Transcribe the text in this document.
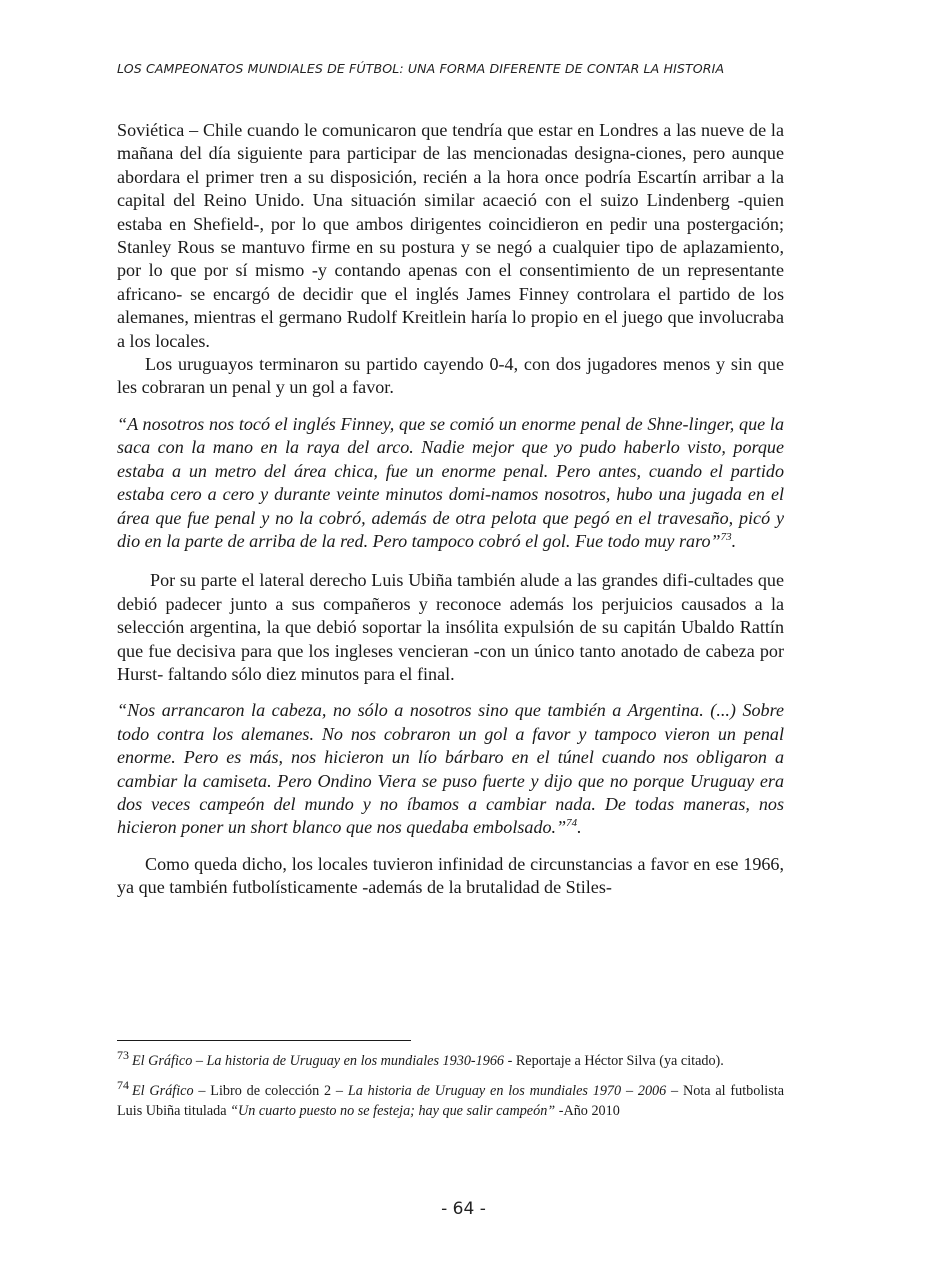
LOS CAMPEONATOS MUNDIALES DE FÚTBOL: UNA FORMA DIFERENTE DE CONTAR LA HISTORIA

Soviética – Chile cuando le comunicaron que tendría que estar en Londres a las nueve de la mañana del día siguiente para participar de las mencionadas designa-ciones, pero aunque abordara el primer tren a su disposición, recién a la hora once podría Escartín arribar a la capital del Reino Unido. Una situación similar acaeció con el suizo Lindenberg -quien estaba en Shefield-, por lo que ambos dirigentes coincidieron en pedir una postergación; Stanley Rous se mantuvo firme en su postura y se negó a cualquier tipo de aplazamiento, por lo que por sí mismo -y contando apenas con el consentimiento de un representante africano- se encargó de decidir que el inglés James Finney controlara el partido de los alemanes, mientras el germano Rudolf Kreitlein haría lo propio en el juego que involucraba a los locales.

Los uruguayos terminaron su partido cayendo 0-4, con dos jugadores menos y sin que les cobraran un penal y un gol a favor.

“A nosotros nos tocó el inglés Finney, que se comió un enorme penal de Shne-linger, que la saca con la mano en la raya del arco. Nadie mejor que yo pudo haberlo visto, porque estaba a un metro del área chica, fue un enorme penal. Pero antes, cuando el partido estaba cero a cero y durante veinte minutos domi-namos nosotros, hubo una jugada en el área que fue penal y no la cobró, además de otra pelota que pegó en el travesaño, picó y dio en la parte de arriba de la red. Pero tampoco cobró el gol. Fue todo muy raro”$^{73}$.

Por su parte el lateral derecho Luis Ubiña también alude a las grandes difi-cultades que debió padecer junto a sus compañeros y reconoce además los perjuicios causados a la selección argentina, la que debió soportar la insólita expulsión de su capitán Ubaldo Rattín que fue decisiva para que los ingleses vencieran -con un único tanto anotado de cabeza por Hurst- faltando sólo diez minutos para el final.

“Nos arrancaron la cabeza, no sólo a nosotros sino que también a Argentina. (...) Sobre todo contra los alemanes. No nos cobraron un gol a favor y tampoco vieron un penal enorme. Pero es más, nos hicieron un lío bárbaro en el túnel cuando nos obligaron a cambiar la camiseta. Pero Ondino Viera se puso fuerte y dijo que no porque Uruguay era dos veces campeón del mundo y no íbamos a cambiar nada. De todas maneras, nos hicieron poner un short blanco que nos quedaba embolsado.”$^{74}$.

Como queda dicho, los locales tuvieron infinidad de circunstancias a favor en ese 1966, ya que también futbolísticamente -además de la brutalidad de Stiles-

$^{73}$ El Gráfico – La historia de Uruguay en los mundiales 1930-1966 - Reportaje a Héctor Silva (ya citado).

$^{74}$ El Gráfico – Libro de colección 2 – La historia de Uruguay en los mundiales 1970 – 2006 – Nota al futbolista Luis Ubiña titulada “Un cuarto puesto no se festeja; hay que salir campeón” -Año 2010

- 64 -
